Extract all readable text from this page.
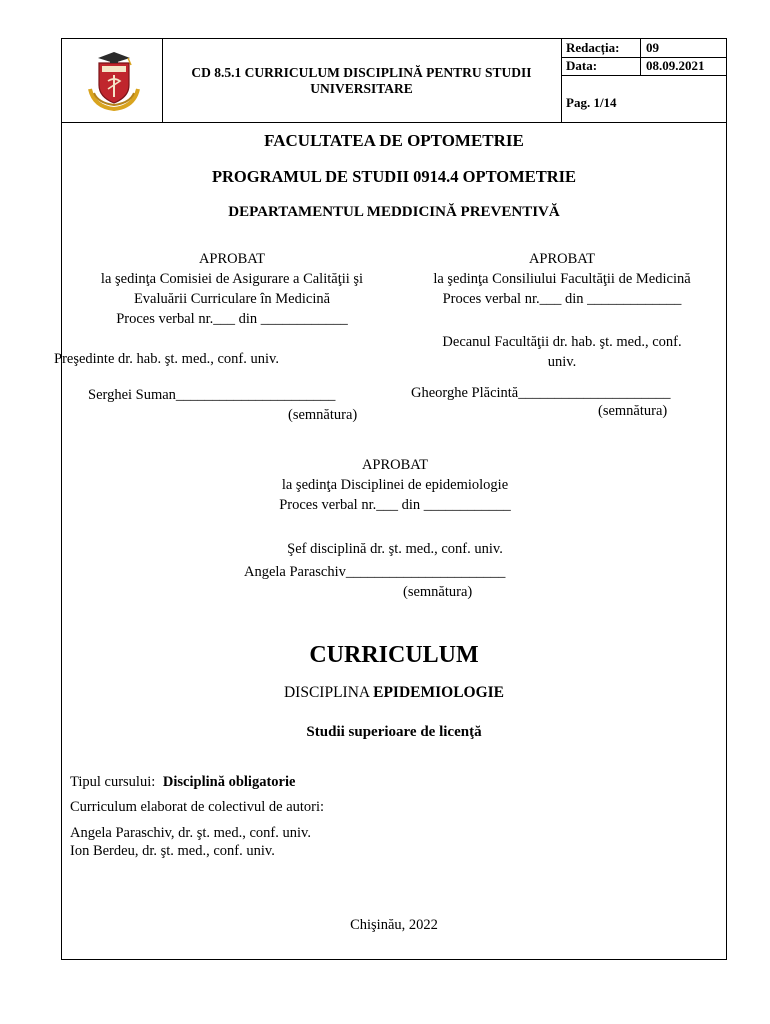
CD 8.5.1 CURRICULUM DISCIPLINĂ PENTRU STUDII UNIVERSITARE
Redacția: 09
Data:	08.09.2021
Pag. 1/14
FACULTATEA DE OPTOMETRIE
PROGRAMUL DE STUDII 0914.4 OPTOMETRIE
DEPARTAMENTUL MEDDICINĂ PREVENTIVĂ
APROBAT
la şedinţa Comisiei de Asigurare a Calităţii şi
Evaluării Curriculare în Medicină
Proces verbal nr.___ din ____________
Preşedinte dr. hab. şt. med., conf. univ.
Serghei Suman______________________
(semnătura)
APROBAT
la şedinţa Consiliului Facultăţii de Medicină
Proces verbal nr.___ din _____________
Decanul Facultăţii dr. hab. şt. med., conf.
univ.
Gheorghe Plăcintă_____________________
(semnătura)
APROBAT
la şedinţa Disciplinei de epidemiologie
Proces verbal nr.___ din ____________
Şef disciplină dr. şt. med., conf. univ.
Angela Paraschiv______________________
(semnătura)
CURRICULUM
DISCIPLINA EPIDEMIOLOGIE
Studii superioare de licenţă
Tipul cursului: Disciplină obligatorie
Curriculum elaborat de colectivul de autori:
Angela Paraschiv, dr. şt. med., conf. univ.
Ion Berdeu, dr. şt. med., conf. univ.
Chişinău, 2022
